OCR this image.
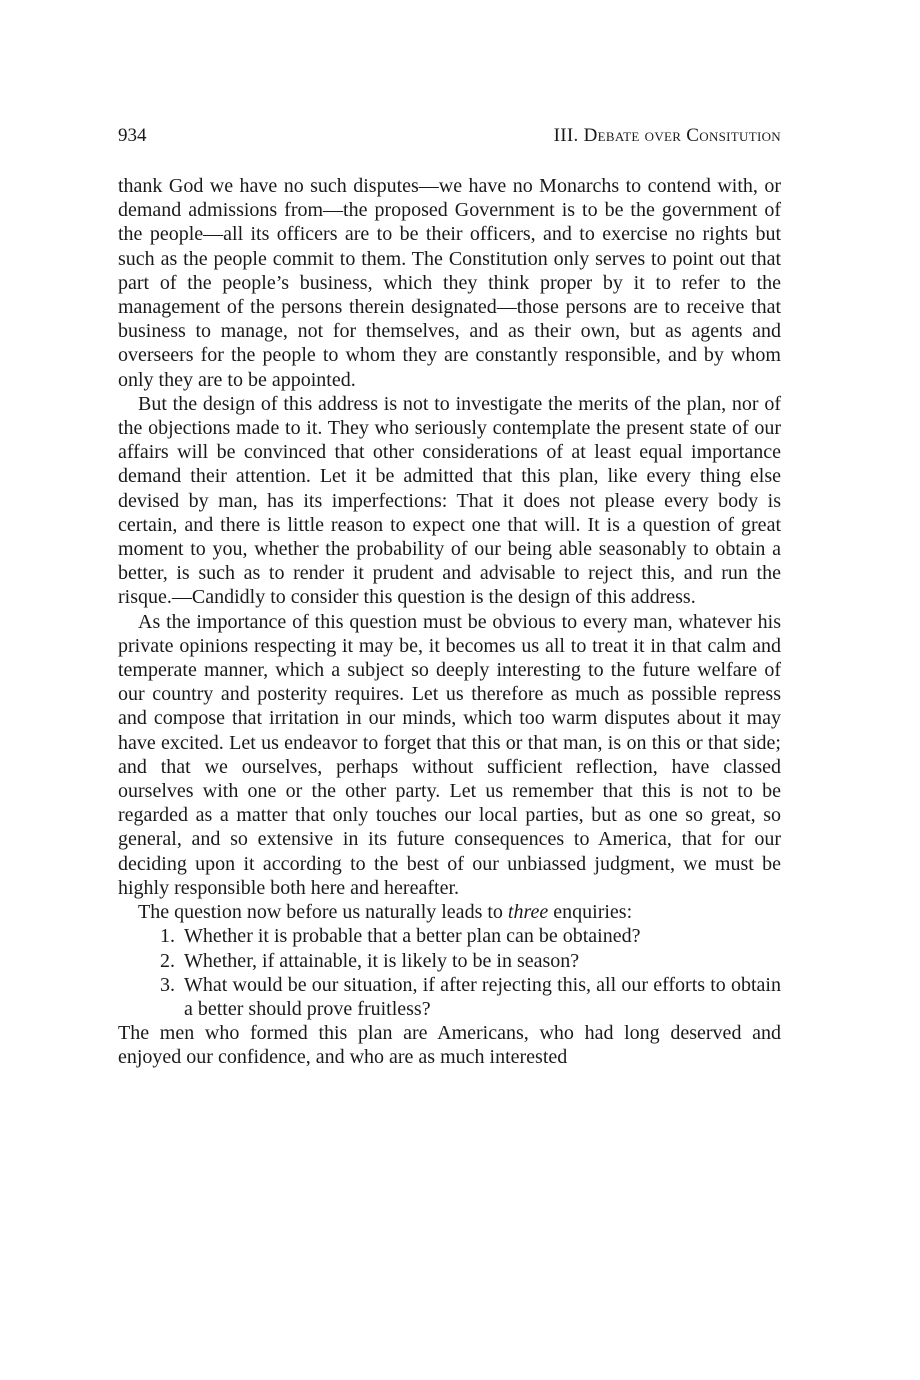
934	III. Debate over Consitution

thank God we have no such disputes—we have no Monarchs to contend with, or demand admissions from—the proposed Government is to be the government of the people—all its officers are to be their officers, and to exercise no rights but such as the people commit to them. The Constitution only serves to point out that part of the people’s business, which they think proper by it to refer to the management of the persons therein designated—those persons are to receive that business to manage, not for themselves, and as their own, but as agents and overseers for the people to whom they are constantly responsible, and by whom only they are to be appointed.

But the design of this address is not to investigate the merits of the plan, nor of the objections made to it. They who seriously contemplate the present state of our affairs will be convinced that other considerations of at least equal importance demand their attention. Let it be admitted that this plan, like every thing else devised by man, has its imperfections: That it does not please every body is certain, and there is little reason to expect one that will. It is a question of great moment to you, whether the probability of our being able seasonably to obtain a better, is such as to render it prudent and advisable to reject this, and run the risque.—Candidly to consider this question is the design of this address.

As the importance of this question must be obvious to every man, whatever his private opinions respecting it may be, it becomes us all to treat it in that calm and temperate manner, which a subject so deeply interesting to the future welfare of our country and posterity requires. Let us therefore as much as possible repress and compose that irritation in our minds, which too warm disputes about it may have excited. Let us endeavor to forget that this or that man, is on this or that side; and that we ourselves, perhaps without sufficient reflection, have classed ourselves with one or the other party. Let us remember that this is not to be regarded as a matter that only touches our local parties, but as one so great, so general, and so extensive in its future consequences to America, that for our deciding upon it according to the best of our unbiassed judgment, we must be highly responsible both here and hereafter.

The question now before us naturally leads to three enquiries:

1. Whether it is probable that a better plan can be obtained?
2. Whether, if attainable, it is likely to be in season?
3. What would be our situation, if after rejecting this, all our efforts to obtain a better should prove fruitless?

The men who formed this plan are Americans, who had long deserved and enjoyed our confidence, and who are as much interested
